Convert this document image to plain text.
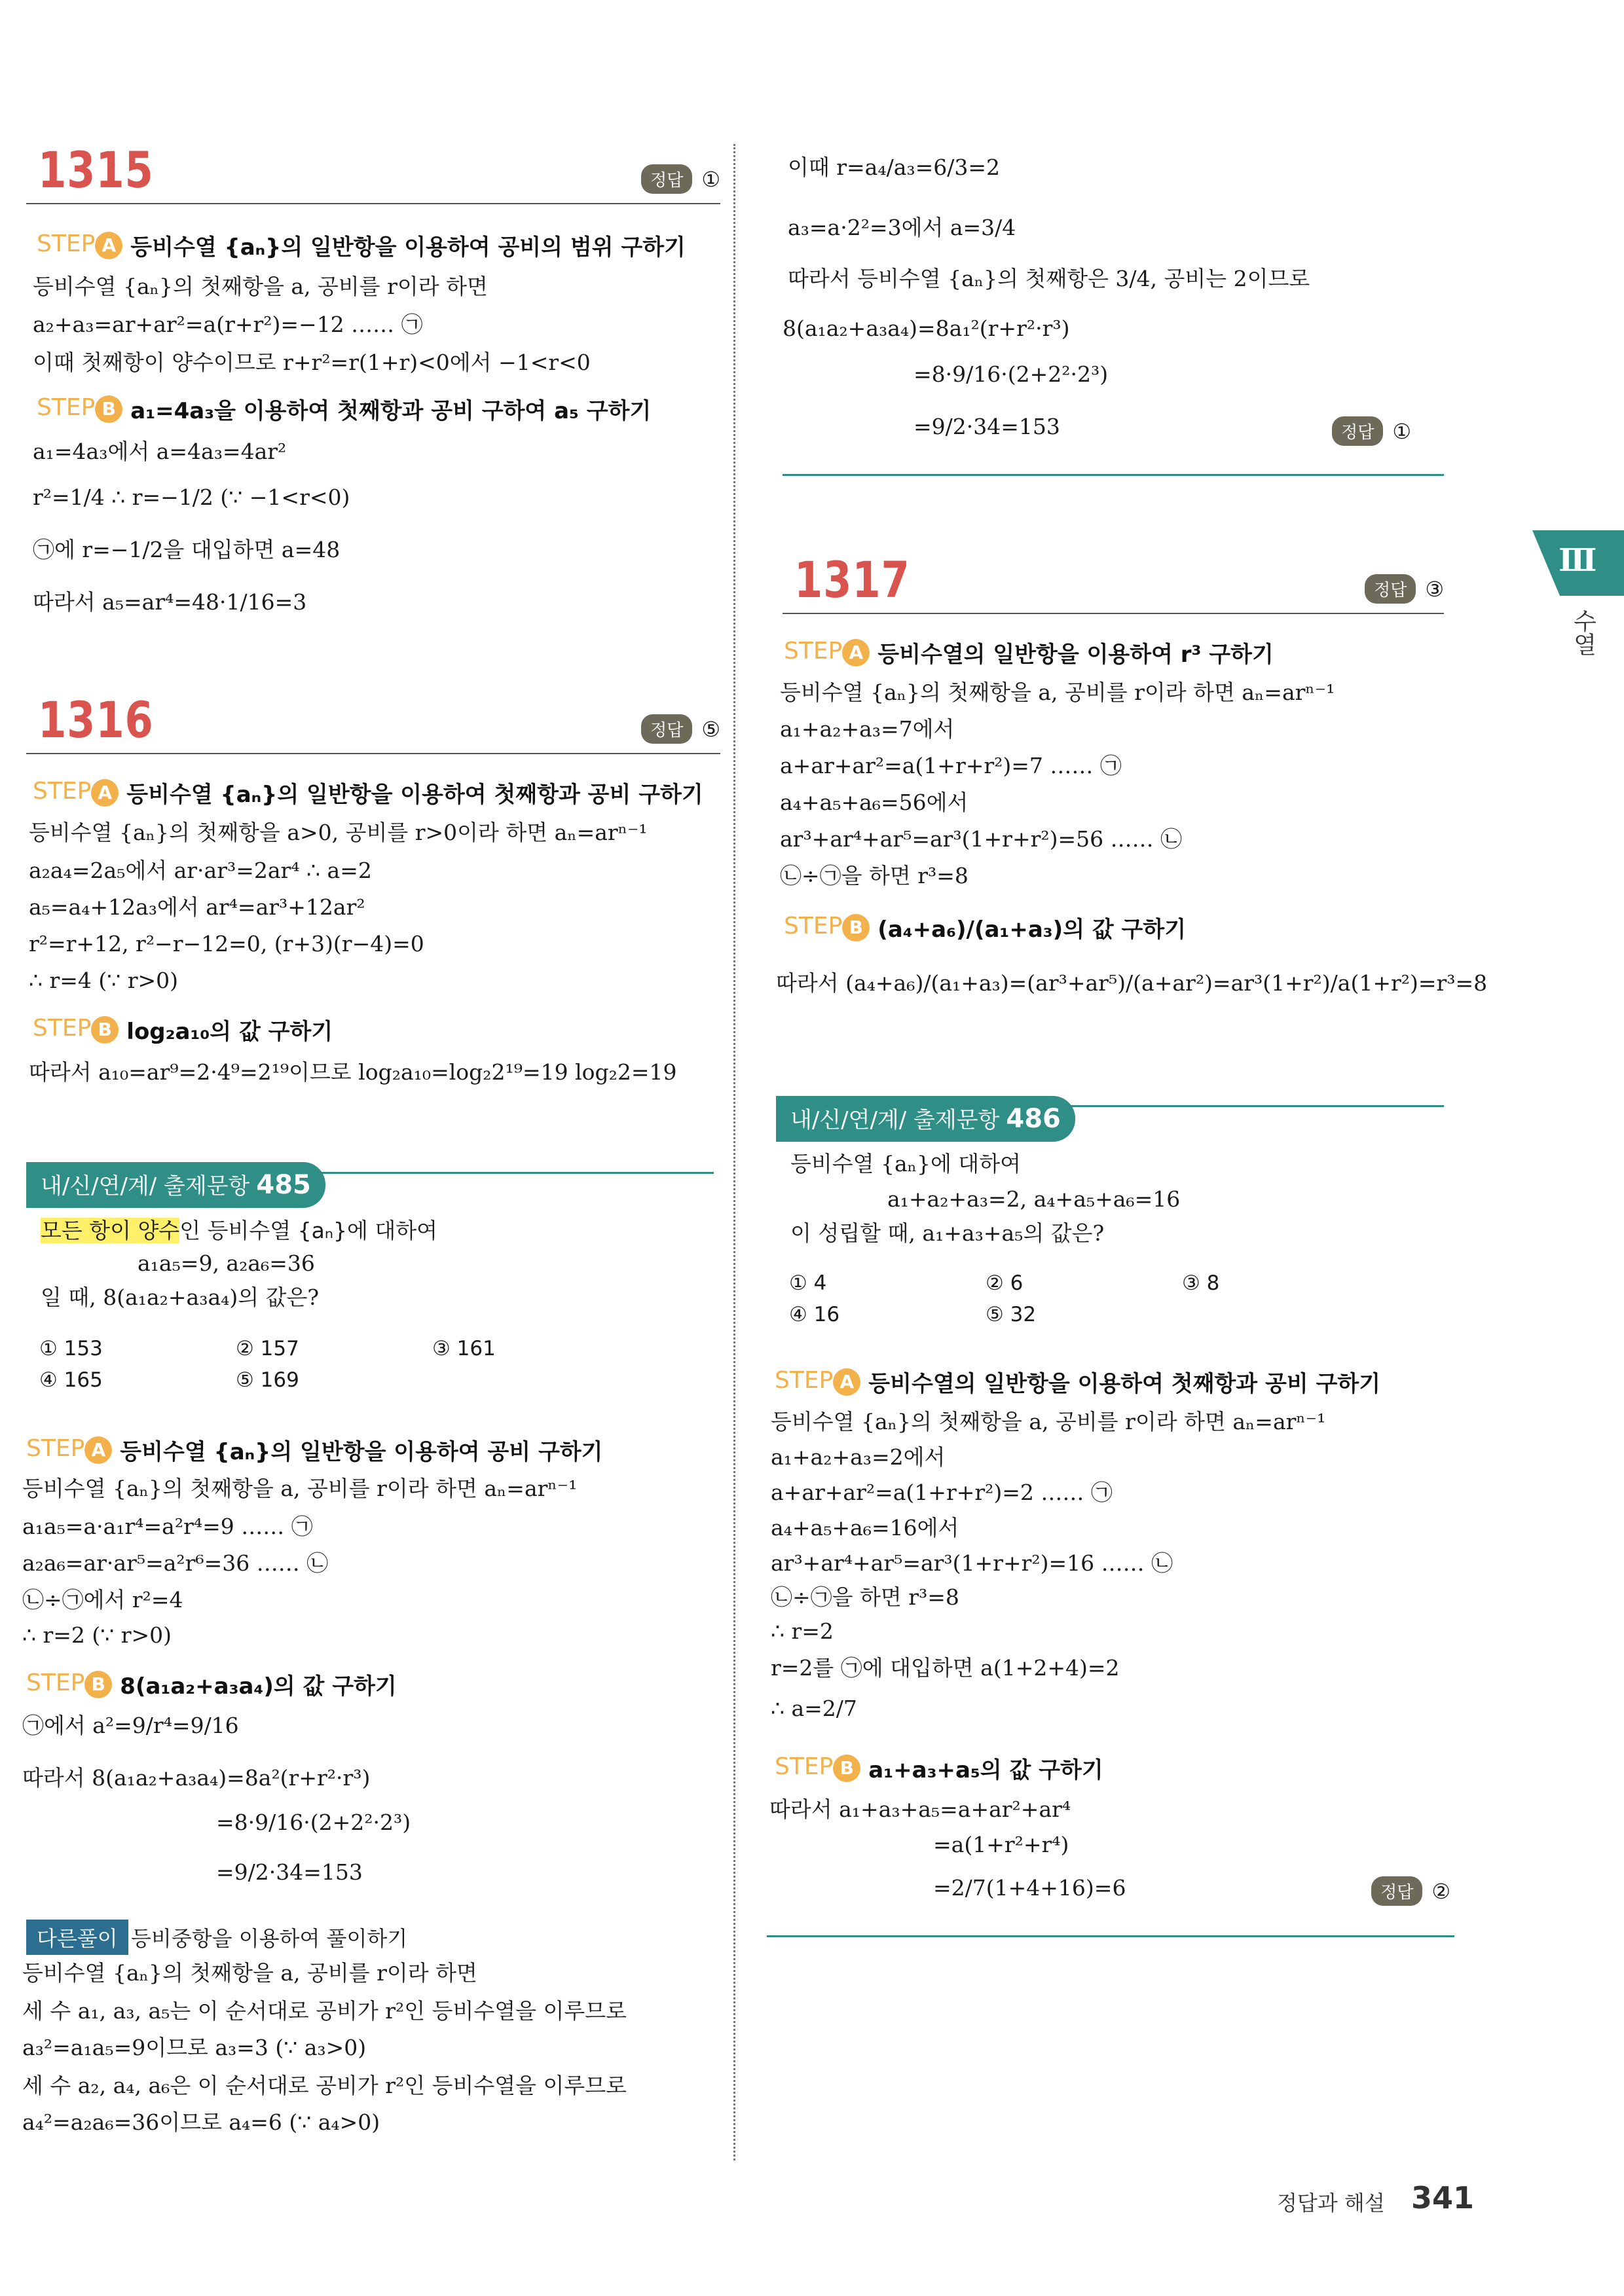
Ⅲ
수열
1315	정답 ①
STEP A 등비수열 {aₙ}의 일반항을 이용하여 공비의 범위 구하기
등비수열 {aₙ}의 첫째항을 a, 공비를 r이라 하면
a₂+a₃=ar+ar²=a(r+r²)=−12 …… ㉠
이때 첫째항이 양수이므로 r+r²=r(1+r)<0에서 −1<r<0
STEP B a₁=4a₃을 이용하여 첫째항과 공비 구하여 a₅ 구하기
a₁=4a₃에서 a=4a₃=4ar²
r²=1/4 ∴ r=−1/2 (∵ −1<r<0)
㉠에 r=−1/2을 대입하면 a=48
따라서 a₅=ar⁴=48·1/16=3
1316	정답 ⑤
STEP A 등비수열 {aₙ}의 일반항을 이용하여 첫째항과 공비 구하기
등비수열 {aₙ}의 첫째항을 a>0, 공비를 r>0이라 하면 aₙ=arⁿ⁻¹
a₂a₄=2a₅에서 ar·ar³=2ar⁴ ∴ a=2
a₅=a₄+12a₃에서 ar⁴=ar³+12ar²
r²=r+12, r²−r−12=0, (r+3)(r−4)=0
∴ r=4 (∵ r>0)
STEP B log₂a₁₀의 값 구하기
따라서 a₁₀=ar⁹=2·4⁹=2¹⁹이므로 log₂a₁₀=log₂2¹⁹=19 log₂2=19
내/신/연/계/ 출제문항 485
모든 항이 양수인 등비수열 {aₙ}에 대하여
a₁a₅=9, a₂a₆=36
일 때, 8(a₁a₂+a₃a₄)의 값은?
① 153	② 157	③ 161
④ 165	⑤ 169
STEP A 등비수열 {aₙ}의 일반항을 이용하여 공비 구하기
등비수열 {aₙ}의 첫째항을 a, 공비를 r이라 하면 aₙ=arⁿ⁻¹
a₁a₅=a·a₁r⁴=a²r⁴=9 …… ㉠
a₂a₆=ar·ar⁵=a²r⁶=36 …… ㉡
㉡÷㉠에서 r²=4
∴ r=2 (∵ r>0)
STEP B 8(a₁a₂+a₃a₄)의 값 구하기
㉠에서 a²=9/r⁴=9/16
따라서 8(a₁a₂+a₃a₄)=8a²(r+r²·r³)
=8·9/16·(2+2²·2³)
=9/2·34=153
다른풀이 등비중항을 이용하여 풀이하기
등비수열 {aₙ}의 첫째항을 a, 공비를 r이라 하면
세 수 a₁, a₃, a₅는 이 순서대로 공비가 r²인 등비수열을 이루므로
a₃²=a₁a₅=9이므로 a₃=3 (∵ a₃>0)
세 수 a₂, a₄, a₆은 이 순서대로 공비가 r²인 등비수열을 이루므로
a₄²=a₂a₆=36이므로 a₄=6 (∵ a₄>0)
이때 r=a₄/a₃=6/3=2
a₃=a·2²=3에서 a=3/4
따라서 등비수열 {aₙ}의 첫째항은 3/4, 공비는 2이므로
8(a₁a₂+a₃a₄)=8a₁²(r+r²·r³)
=8·9/16·(2+2²·2³)
=9/2·34=153	정답 ①
1317	정답 ③
STEP A 등비수열의 일반항을 이용하여 r³ 구하기
등비수열 {aₙ}의 첫째항을 a, 공비를 r이라 하면 aₙ=arⁿ⁻¹
a₁+a₂+a₃=7에서
a+ar+ar²=a(1+r+r²)=7 …… ㉠
a₄+a₅+a₆=56에서
ar³+ar⁴+ar⁵=ar³(1+r+r²)=56 …… ㉡
㉡÷㉠을 하면 r³=8
STEP B (a₄+a₆)/(a₁+a₃)의 값 구하기
따라서 (a₄+a₆)/(a₁+a₃)=(ar³+ar⁵)/(a+ar²)=ar³(1+r²)/a(1+r²)=r³=8
내/신/연/계/ 출제문항 486
등비수열 {aₙ}에 대하여
a₁+a₂+a₃=2, a₄+a₅+a₆=16
이 성립할 때, a₁+a₃+a₅의 값은?
① 4	② 6	③ 8
④ 16	⑤ 32
STEP A 등비수열의 일반항을 이용하여 첫째항과 공비 구하기
등비수열 {aₙ}의 첫째항을 a, 공비를 r이라 하면 aₙ=arⁿ⁻¹
a₁+a₂+a₃=2에서
a+ar+ar²=a(1+r+r²)=2 …… ㉠
a₄+a₅+a₆=16에서
ar³+ar⁴+ar⁵=ar³(1+r+r²)=16 …… ㉡
㉡÷㉠을 하면 r³=8
∴ r=2
r=2를 ㉠에 대입하면 a(1+2+4)=2
∴ a=2/7
STEP B a₁+a₃+a₅의 값 구하기
따라서 a₁+a₃+a₅=a+ar²+ar⁴
=a(1+r²+r⁴)
=2/7(1+4+16)=6	정답 ②
정답과 해설 341
